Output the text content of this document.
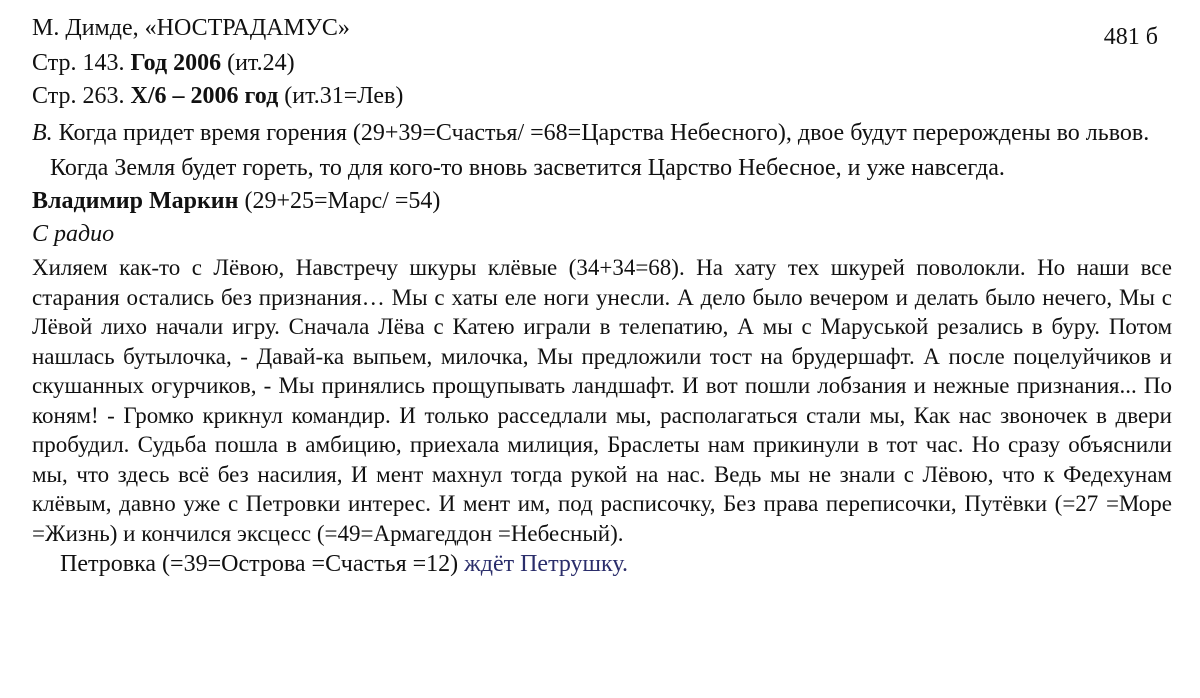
481 б
М. Димде, «НОСТРАДАМУС»
Стр. 143. Год 2006 (ит.24)
Стр. 263. Х/6 – 2006 год (ит.31=Лев)
В. Когда придет время горения (29+39=Счастья/ =68=Царства Небесного), двое будут перерождены во львов.
Когда Земля будет гореть, то для кого-то вновь засветится Царство Небесное, и уже навсегда.
Владимир Маркин (29+25=Марс/ =54)
С радио
Хиляем как-то с Лёвою, Навстречу шкуры клёвые (34+34=68). На хату тех шкурей поволокли. Но наши все старания остались без признания… Мы с хаты еле ноги унесли. А дело было вечером и делать было нечего, Мы с Лёвой лихо начали игру. Сначала Лёва с Катею играли в телепатию, А мы с Маруськой резались в буру. Потом нашлась бутылочка, - Давай-ка выпьем, милочка, Мы предложили тост на брудершафт. А после поцелуйчиков и скушанных огурчиков, - Мы принялись прощупывать ландшафт. И вот пошли лобзания и нежные признания... По коням! - Громко крикнул командир. И только расседлали мы, располагаться стали мы, Как нас звоночек в двери пробудил. Судьба пошла в амбицию, приехала милиция, Браслеты нам прикинули в тот час. Но сразу объяснили мы, что здесь всё без насилия, И мент махнул тогда рукой на нас. Ведь мы не знали с Лёвою, что к Федехунам клёвым, давно уже с Петровки интерес. И мент им, под расписочку, Без права переписочки, Путёвки (=27 =Море =Жизнь) и кончился эксцесс (=49=Армагеддон =Небесный).
Петровка (=39=Острова =Счастья =12) ждёт Петрушку.
